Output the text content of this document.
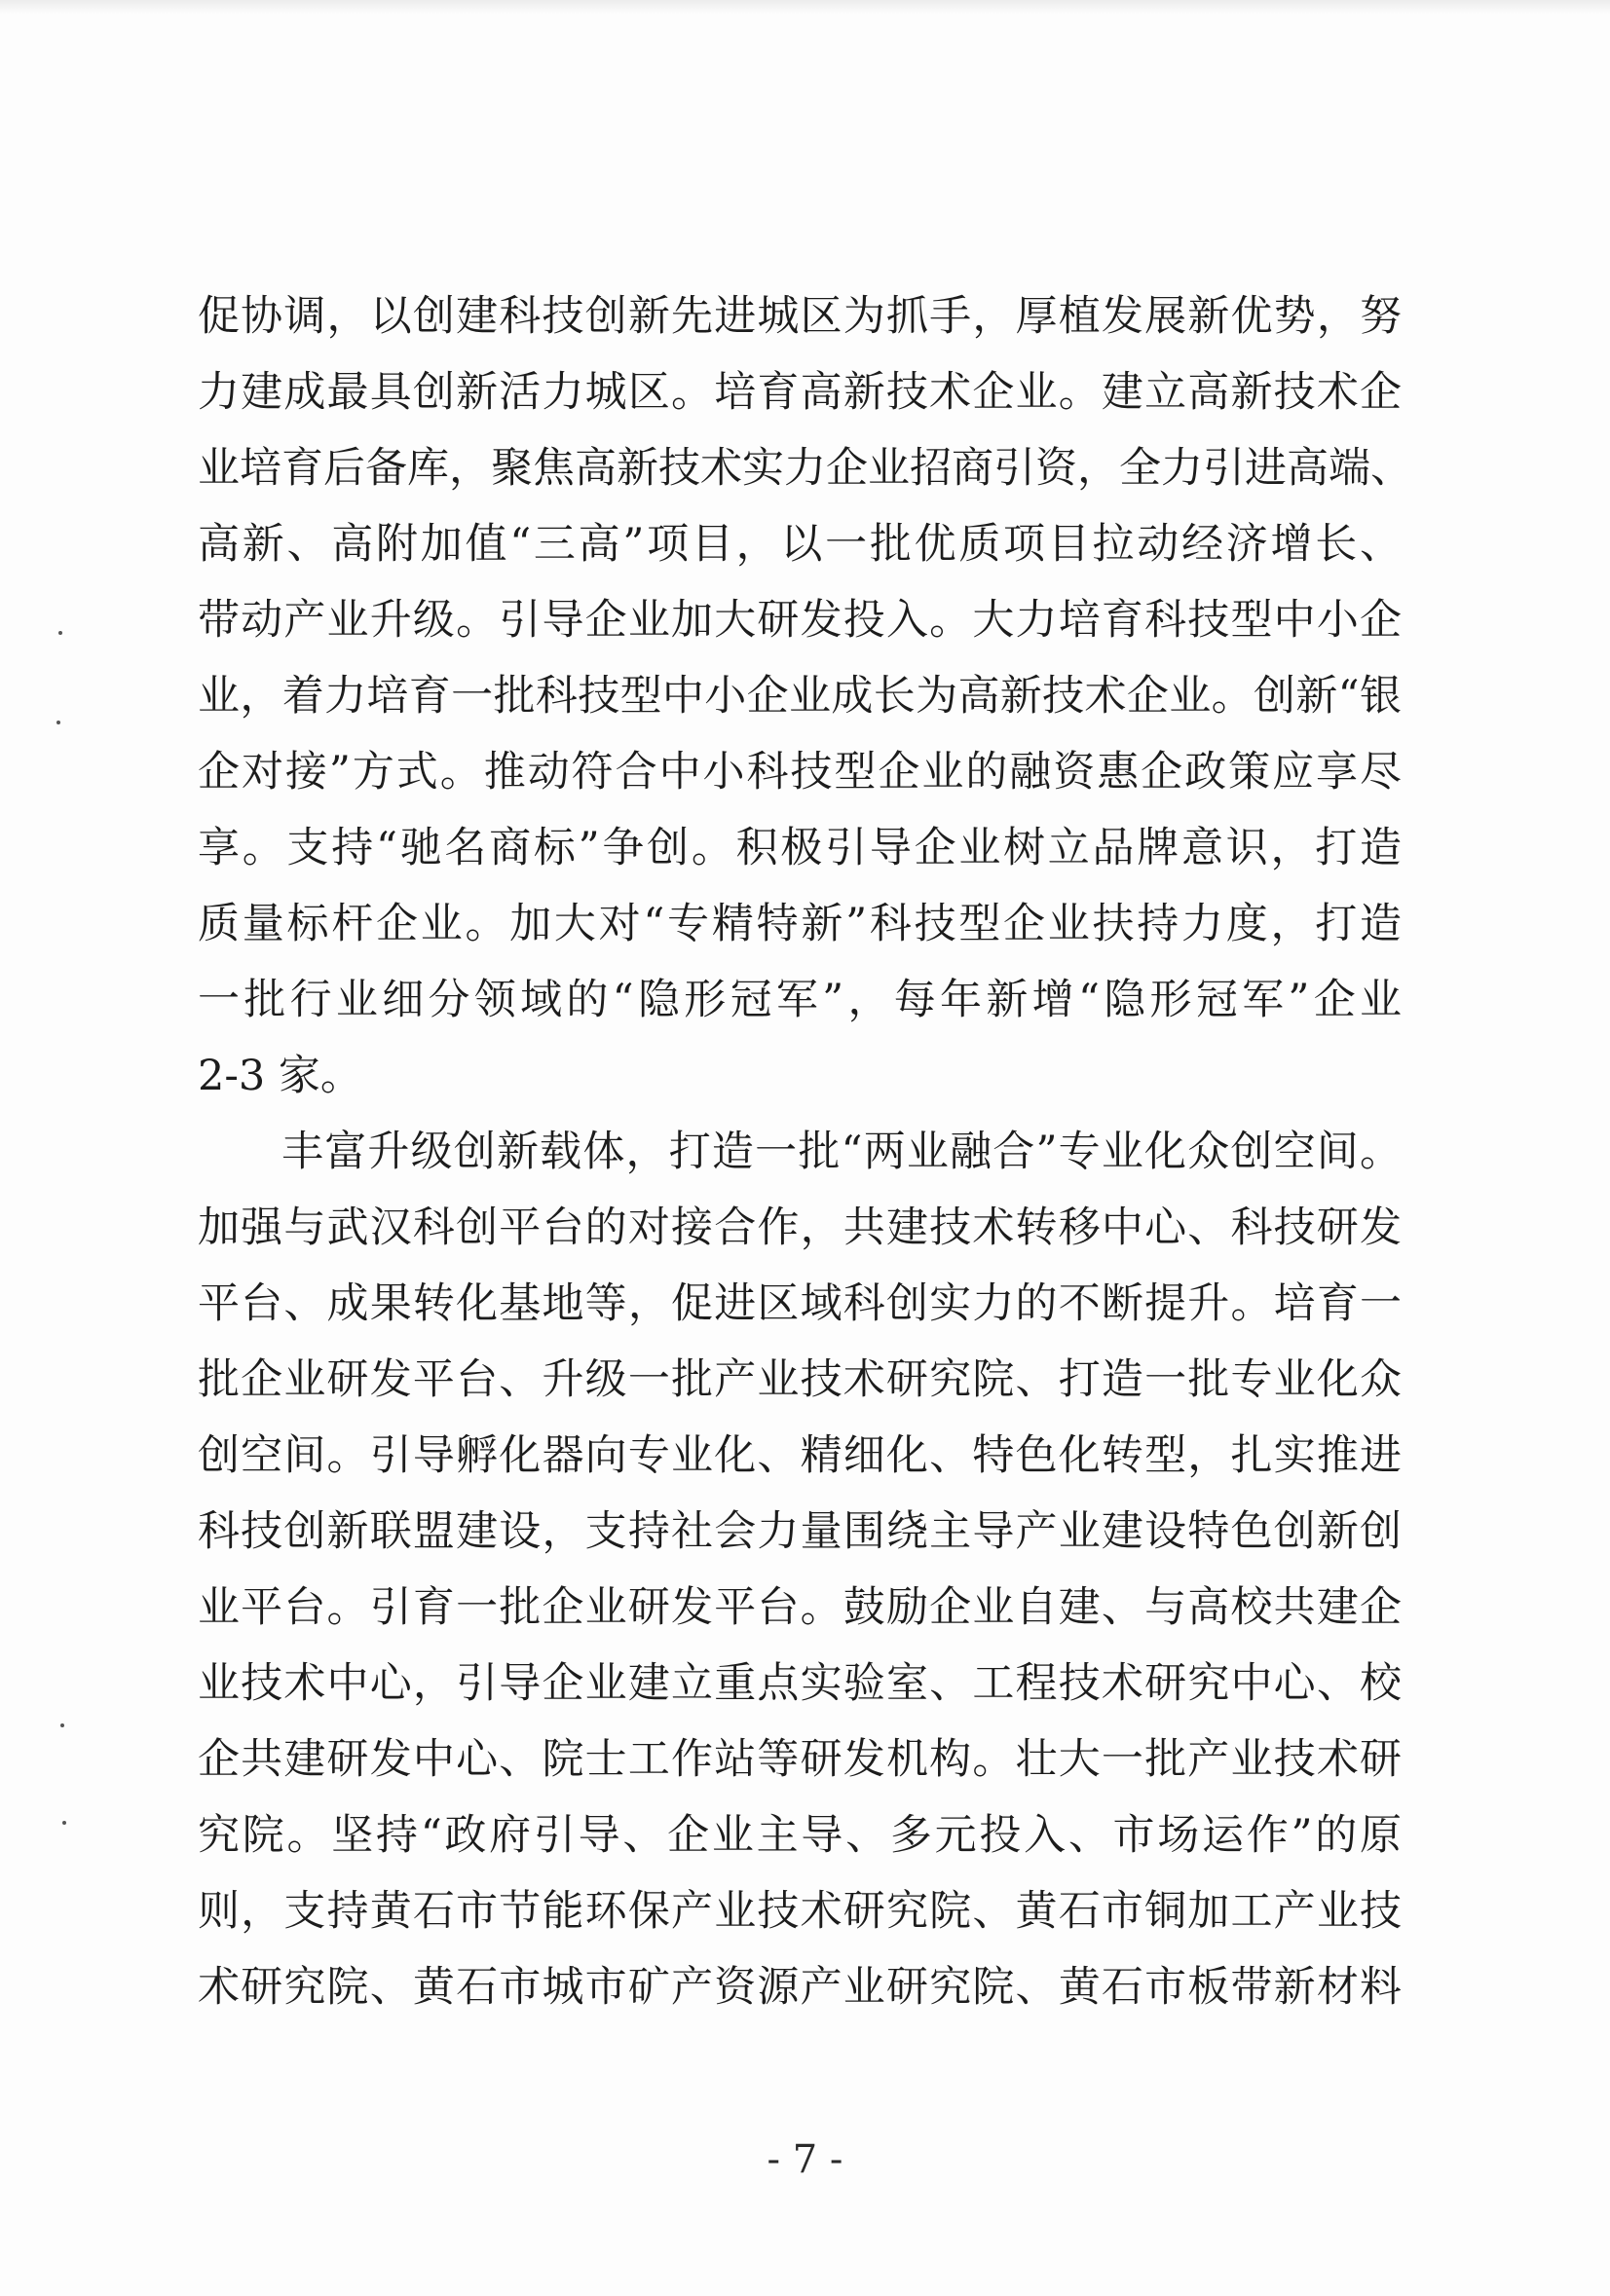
促协调，以创建科技创新先进城区为抓手，厚植发展新优势，努
力建成最具创新活力城区。培育高新技术企业。建立高新技术企
业培育后备库，聚焦高新技术实力企业招商引资，全力引进高端、
高新、高附加值“三高”项目，以一批优质项目拉动经济增长、
带动产业升级。引导企业加大研发投入。大力培育科技型中小企
业，着力培育一批科技型中小企业成长为高新技术企业。创新“银
企对接”方式。推动符合中小科技型企业的融资惠企政策应享尽
享。支持“驰名商标”争创。积极引导企业树立品牌意识，打造
质量标杆企业。加大对“专精特新”科技型企业扶持力度，打造
一批行业细分领域的“隐形冠军”，每年新增“隐形冠军”企业
2-3 家。
丰富升级创新载体，打造一批“两业融合”专业化众创空间。
加强与武汉科创平台的对接合作，共建技术转移中心、科技研发
平台、成果转化基地等，促进区域科创实力的不断提升。培育一
批企业研发平台、升级一批产业技术研究院、打造一批专业化众
创空间。引导孵化器向专业化、精细化、特色化转型，扎实推进
科技创新联盟建设，支持社会力量围绕主导产业建设特色创新创
业平台。引育一批企业研发平台。鼓励企业自建、与高校共建企
业技术中心，引导企业建立重点实验室、工程技术研究中心、校
企共建研发中心、院士工作站等研发机构。壮大一批产业技术研
究院。坚持“政府引导、企业主导、多元投入、市场运作”的原
则，支持黄石市节能环保产业技术研究院、黄石市铜加工产业技
术研究院、黄石市城市矿产资源产业研究院、黄石市板带新材料
- 7 -
